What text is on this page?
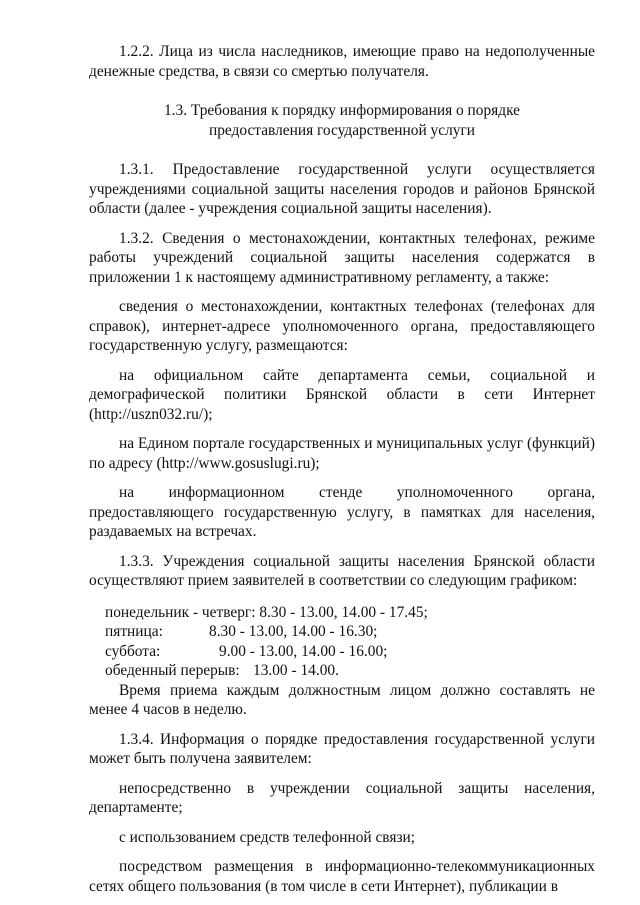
1.2.2. Лица из числа наследников, имеющие право на недополученные денежные средства, в связи со смертью получателя.

1.3. Требования к порядку информирования о порядке
предоставления государственной услуги

1.3.1. Предоставление государственной услуги осуществляется учреждениями социальной защиты населения городов и районов Брянской области (далее - учреждения социальной защиты населения).

1.3.2. Сведения о местонахождении, контактных телефонах, режиме работы учреждений социальной защиты населения содержатся в приложении 1 к настоящему административному регламенту, а также:

сведения о местонахождении, контактных телефонах (телефонах для справок), интернет-адресе уполномоченного органа, предоставляющего государственную услугу, размещаются:

на официальном сайте департамента семьи, социальной и демографической политики Брянской области в сети Интернет (http://uszn032.ru/);

на Едином портале государственных и муниципальных услуг (функций) по адресу (http://www.gosuslugi.ru);

на информационном стенде уполномоченного органа, предоставляющего государственную услугу, в памятках для населения, раздаваемых на встречах.

1.3.3. Учреждения социальной защиты населения Брянской области осуществляют прием заявителей в соответствии со следующим графиком:

понедельник - четверг: 8.30 - 13.00, 14.00 - 17.45;
пятница:	8.30 - 13.00, 14.00 - 16.30;
суббота:	9.00 - 13.00, 14.00 - 16.00;
обеденный перерыв: 13.00 - 14.00.

Время приема каждым должностным лицом должно составлять не менее 4 часов в неделю.

1.3.4. Информация о порядке предоставления государственной услуги может быть получена заявителем:

непосредственно в учреждении социальной защиты населения, департаменте;

с использованием средств телефонной связи;

посредством размещения в информационно-телекоммуникационных сетях общего пользования (в том числе в сети Интернет), публикации в
